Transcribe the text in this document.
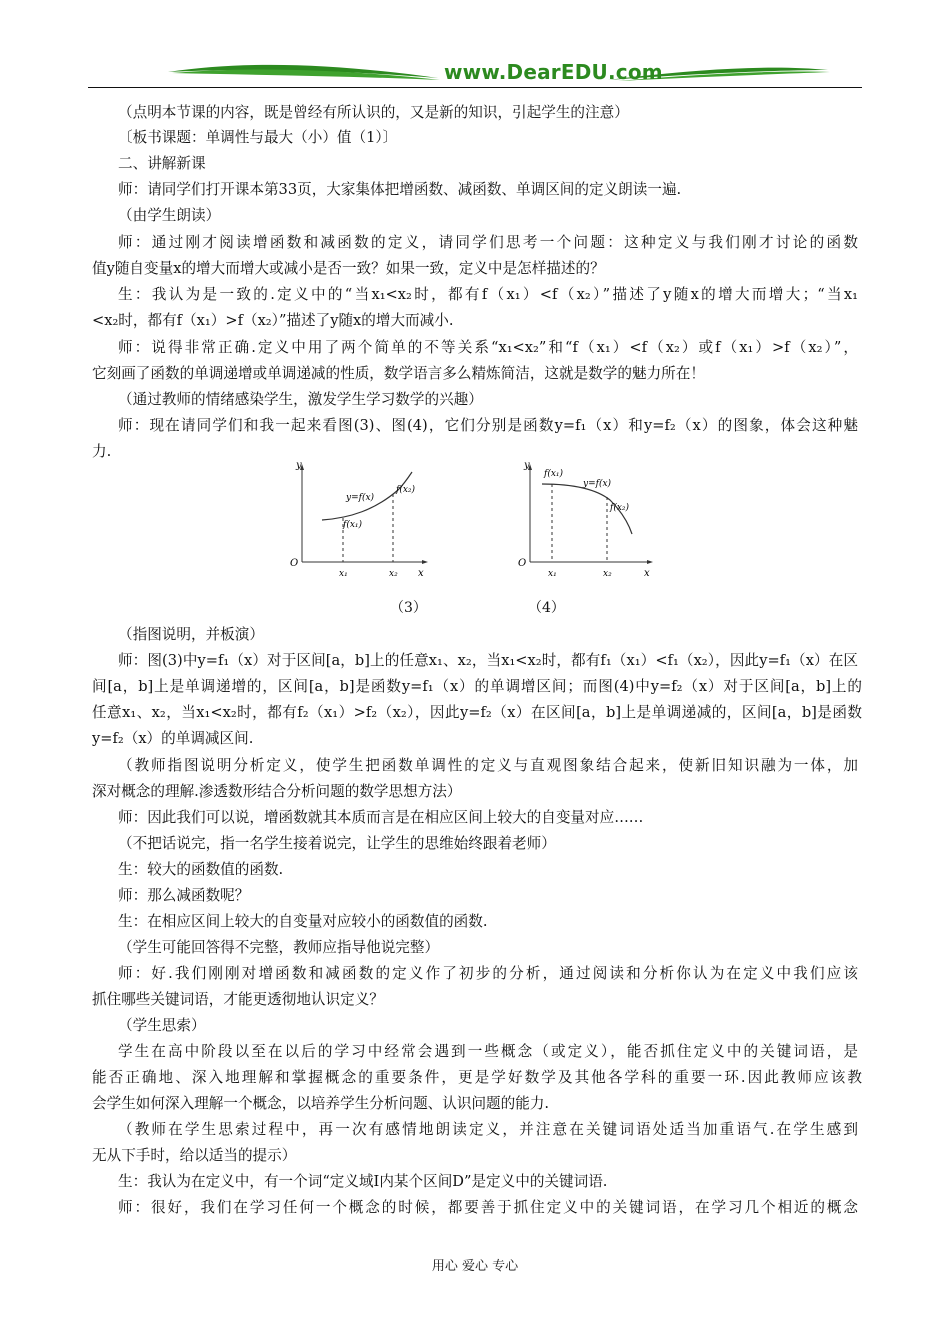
www.DearEDU.com
（点明本节课的内容，既是曾经有所认识的，又是新的知识，引起学生的注意）
〔板书课题：单调性与最大（小）值（1）〕
二、讲解新课
师：请同学们打开课本第33页，大家集体把增函数、减函数、单调区间的定义朗读一遍.
（由学生朗读）
师：通过刚才阅读增函数和减函数的定义，请同学们思考一个问题：这种定义与我们刚才讨论的函数
值y随自变量x的增大而增大或减小是否一致？如果一致，定义中是怎样描述的？
生：我认为是一致的.定义中的“当x₁<x₂时，都有f（x₁）<f（x₂）”描述了y随x的增大而增大；“当x₁
<x₂时，都有f（x₁）>f（x₂）”描述了y随x的增大而减小.
师：说得非常正确.定义中用了两个简单的不等关系“x₁<x₂”和“f（x₁）<f（x₂）或f（x₁）>f（x₂）”，
它刻画了函数的单调递增或单调递减的性质，数学语言多么精炼简洁，这就是数学的魅力所在！
（通过教师的情绪感染学生，激发学生学习数学的兴趣）
师：现在请同学们和我一起来看图(3)、图(4)，它们分别是函数y=f₁（x）和y=f₂（x）的图象，体会这种魅
力.
y
x
O
y=f(x)
f(x₂)
f(x₁)
x₁	x₂
y
x
O
y=f(x)
f(x₁)
f(x₂)
x₁	x₂
（3）	（4）
（指图说明，并板演）
师：图(3)中y=f₁（x）对于区间[a，b]上的任意x₁、x₂，当x₁<x₂时，都有f₁（x₁）<f₁（x₂），因此y=f₁（x）在区
间[a，b]上是单调递增的，区间[a，b]是函数y=f₁（x）的单调增区间；而图(4)中y=f₂（x）对于区间[a，b]上的
任意x₁、x₂，当x₁<x₂时，都有f₂（x₁）>f₂（x₂），因此y=f₂（x）在区间[a，b]上是单调递减的，区间[a，b]是函数
y=f₂（x）的单调减区间.
（教师指图说明分析定义，使学生把函数单调性的定义与直观图象结合起来，使新旧知识融为一体，加
深对概念的理解.渗透数形结合分析问题的数学思想方法）
师：因此我们可以说，增函数就其本质而言是在相应区间上较大的自变量对应……
（不把话说完，指一名学生接着说完，让学生的思维始终跟着老师）
生：较大的函数值的函数.
师：那么减函数呢？
生：在相应区间上较大的自变量对应较小的函数值的函数.
（学生可能回答得不完整，教师应指导他说完整）
师：好.我们刚刚对增函数和减函数的定义作了初步的分析，通过阅读和分析你认为在定义中我们应该
抓住哪些关键词语，才能更透彻地认识定义？
（学生思索）
学生在高中阶段以至在以后的学习中经常会遇到一些概念（或定义），能否抓住定义中的关键词语，是
能否正确地、深入地理解和掌握概念的重要条件，更是学好数学及其他各学科的重要一环.因此教师应该教
会学生如何深入理解一个概念，以培养学生分析问题、认识问题的能力.
（教师在学生思索过程中，再一次有感情地朗读定义，并注意在关键词语处适当加重语气.在学生感到
无从下手时，给以适当的提示）
生：我认为在定义中，有一个词“定义域I内某个区间D”是定义中的关键词语.
师：很好，我们在学习任何一个概念的时候，都要善于抓住定义中的关键词语，在学习几个相近的概念
用心 爱心 专心
